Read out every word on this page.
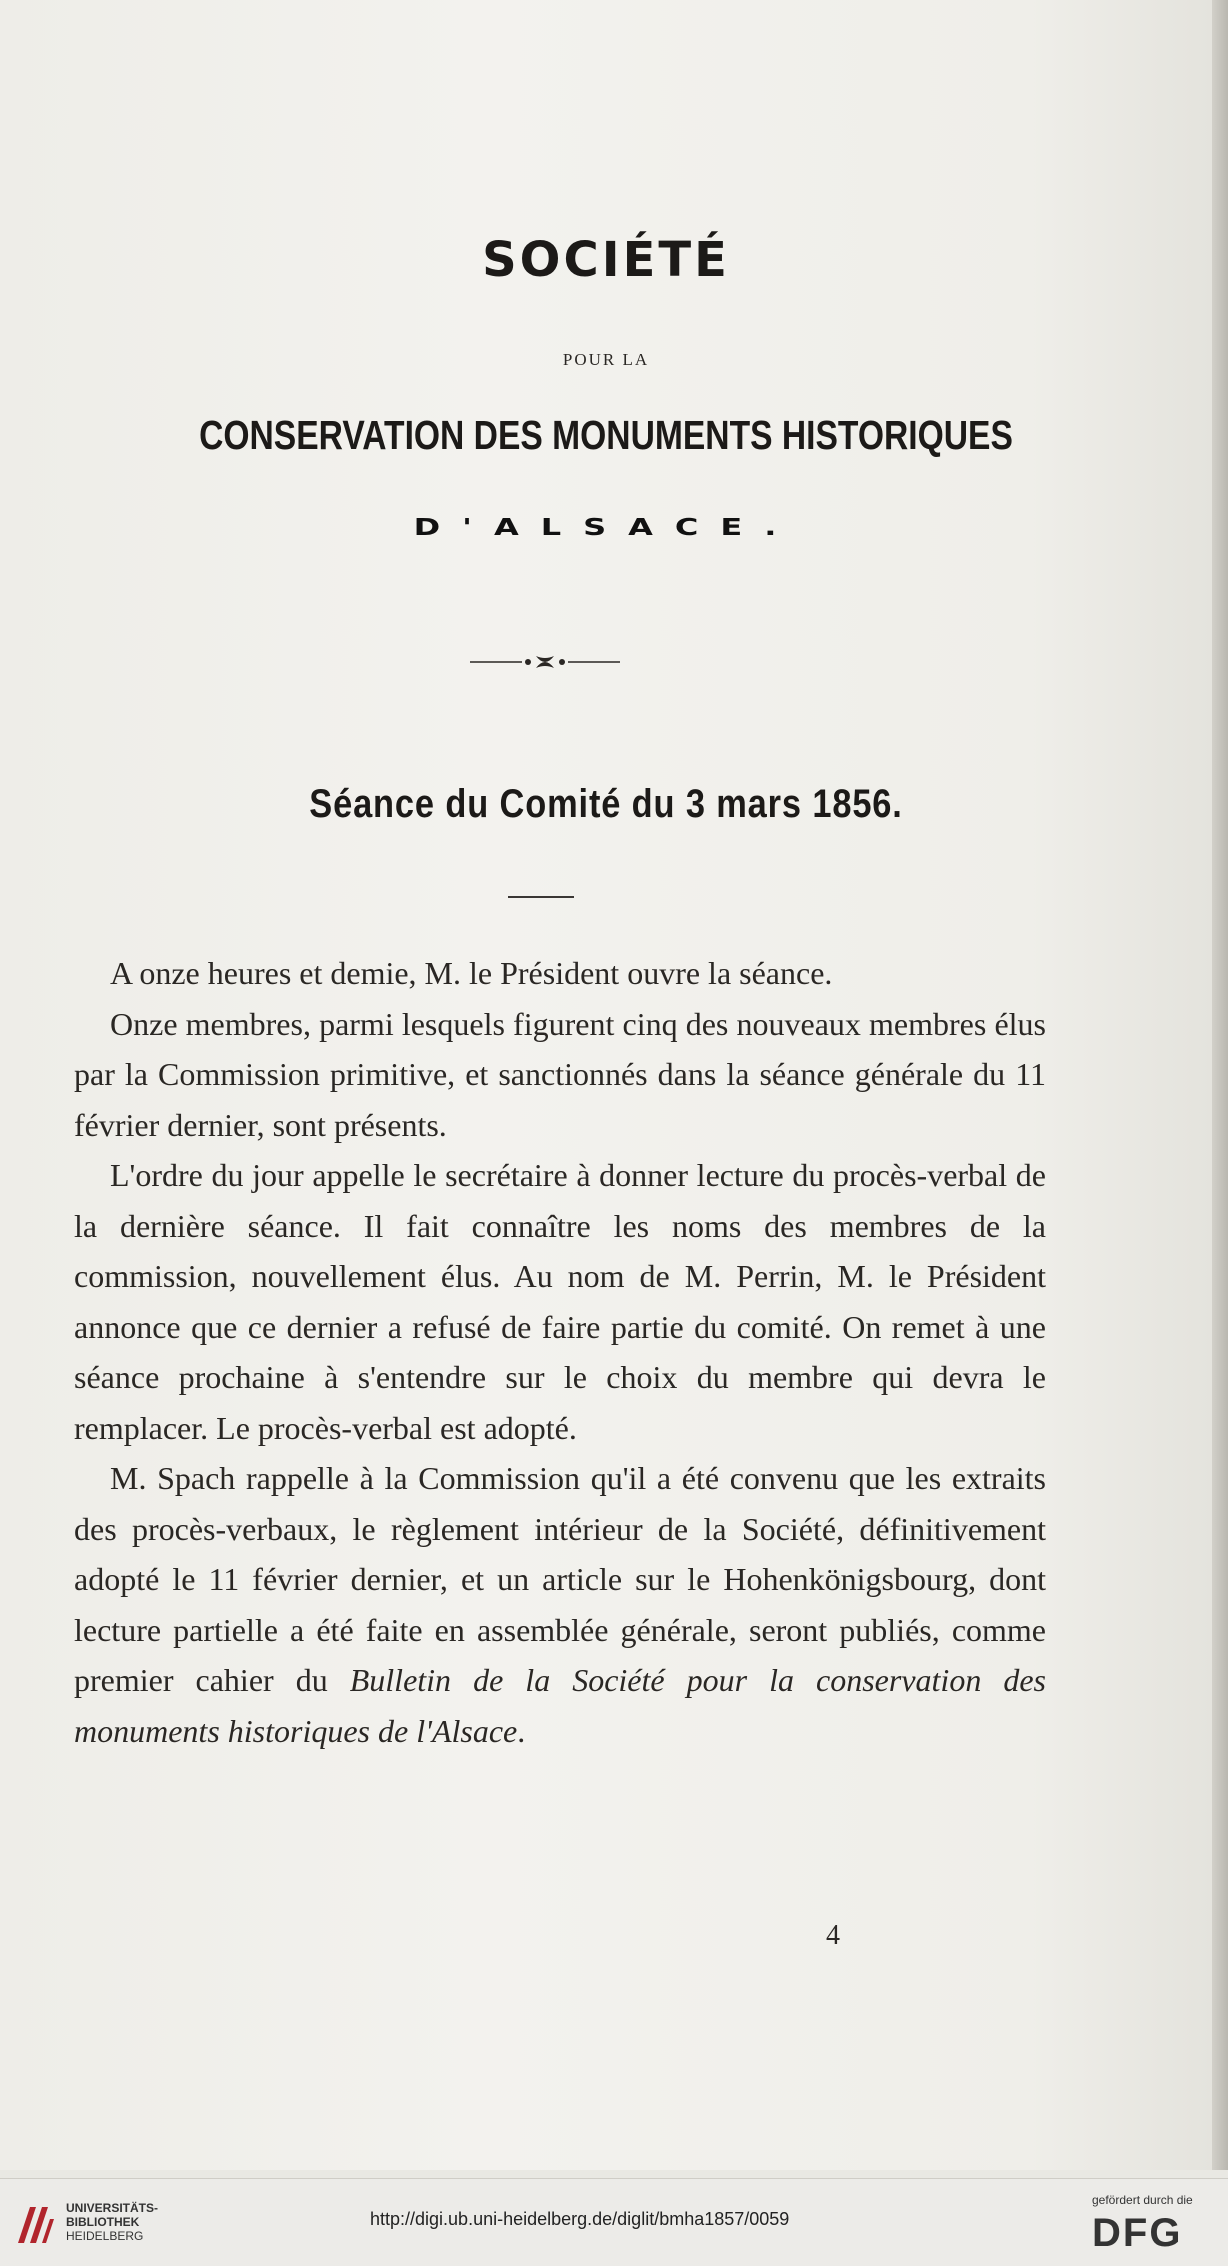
SOCIÉTÉ
POUR LA
CONSERVATION DES MONUMENTS HISTORIQUES
D'ALSACE.
Séance du Comité du 3 mars 1856.

A onze heures et demie, M. le Président ouvre la séance.

Onze membres, parmi lesquels figurent cinq des nouveaux membres élus par la Commission primitive, et sanctionnés dans la séance générale du 11 février dernier, sont présents.

L'ordre du jour appelle le secrétaire à donner lecture du procès-verbal de la dernière séance. Il fait connaître les noms des membres de la commission, nouvellement élus. Au nom de M. Perrin, M. le Président annonce que ce dernier a refusé de faire partie du comité. On remet à une séance prochaine à s'entendre sur le choix du membre qui devra le remplacer. Le procès-verbal est adopté.

M. Spach rappelle à la Commission qu'il a été convenu que les extraits des procès-verbaux, le règlement intérieur de la Société, définitivement adopté le 11 février dernier, et un article sur le Hohenkönigsbourg, dont lecture partielle a été faite en assemblée générale, seront publiés, comme premier cahier du Bulletin de la Société pour la conservation des monuments historiques de l'Alsace.

4
UNIVERSITÄTS-
BIBLIOTHEK
HEIDELBERG
http://digi.ub.uni-heidelberg.de/diglit/bmha1857/0059
gefördert durch die
DFG
